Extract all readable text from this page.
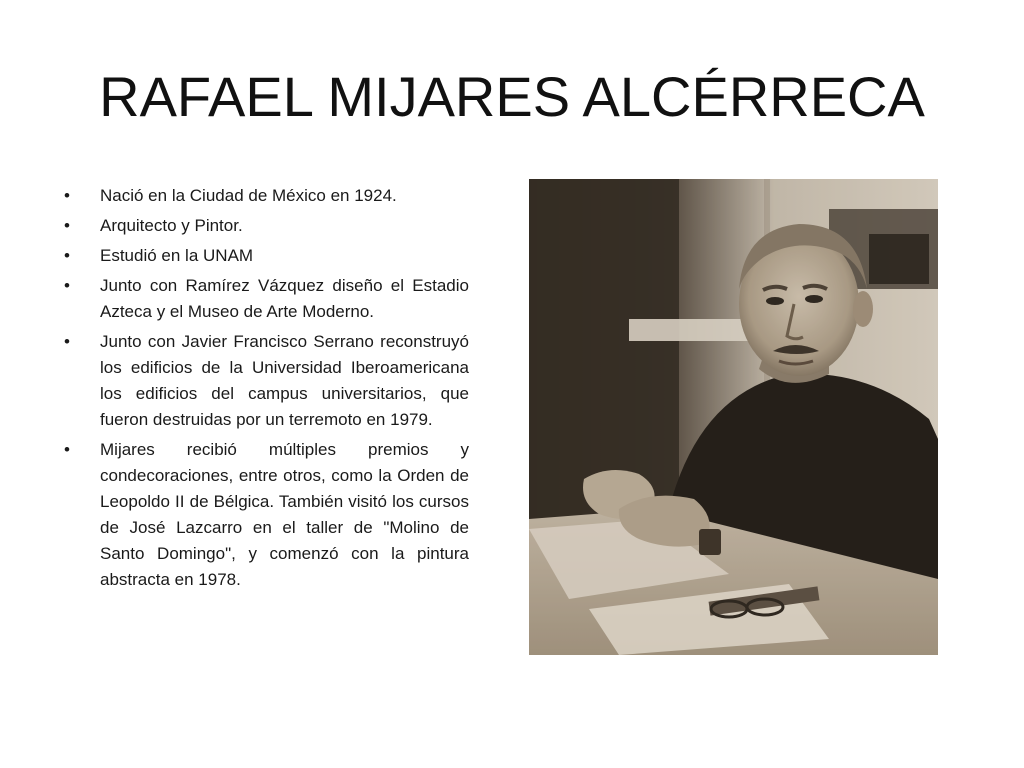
RAFAEL MIJARES ALCÉRRECA
• Nació en la Ciudad de México en 1924.
• Arquitecto y Pintor.
• Estudió en la UNAM
• Junto con Ramírez Vázquez diseño el Estadio Azteca y el Museo de Arte Moderno.
• Junto con Javier Francisco Serrano reconstruyó los edificios de la Universidad Iberoamericana los edificios del campus universitarios, que fueron destruidas por un terremoto en 1979.
• Mijares recibió múltiples premios y condecoraciones, entre otros, como la Orden de Leopoldo II de Bélgica. También visitó los cursos de José Lazcarro en el taller de "Molino de Santo Domingo", y comenzó con la pintura abstracta en 1978.
